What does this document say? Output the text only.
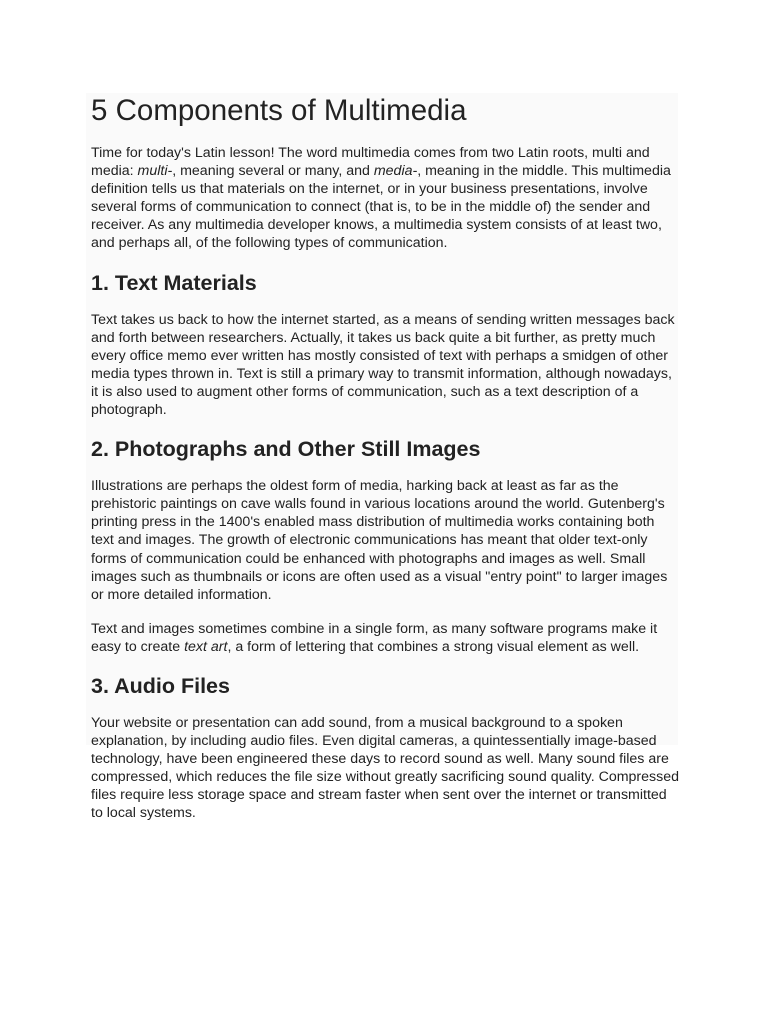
5 Components of Multimedia

Time for today's Latin lesson! The word multimedia comes from two Latin roots, multi and media: multi-, meaning several or many, and media-, meaning in the middle. This multimedia definition tells us that materials on the internet, or in your business presentations, involve several forms of communication to connect (that is, to be in the middle of) the sender and receiver. As any multimedia developer knows, a multimedia system consists of at least two, and perhaps all, of the following types of communication.

1. Text Materials

Text takes us back to how the internet started, as a means of sending written messages back and forth between researchers. Actually, it takes us back quite a bit further, as pretty much every office memo ever written has mostly consisted of text with perhaps a smidgen of other media types thrown in. Text is still a primary way to transmit information, although nowadays, it is also used to augment other forms of communication, such as a text description of a photograph.

2. Photographs and Other Still Images

Illustrations are perhaps the oldest form of media, harking back at least as far as the prehistoric paintings on cave walls found in various locations around the world. Gutenberg's printing press in the 1400's enabled mass distribution of multimedia works containing both text and images. The growth of electronic communications has meant that older text-only forms of communication could be enhanced with photographs and images as well. Small images such as thumbnails or icons are often used as a visual "entry point" to larger images or more detailed information.

Text and images sometimes combine in a single form, as many software programs make it easy to create text art, a form of lettering that combines a strong visual element as well.

3. Audio Files

Your website or presentation can add sound, from a musical background to a spoken explanation, by including audio files. Even digital cameras, a quintessentially image-based technology, have been engineered these days to record sound as well. Many sound files are compressed, which reduces the file size without greatly sacrificing sound quality. Compressed files require less storage space and stream faster when sent over the internet or transmitted to local systems.
